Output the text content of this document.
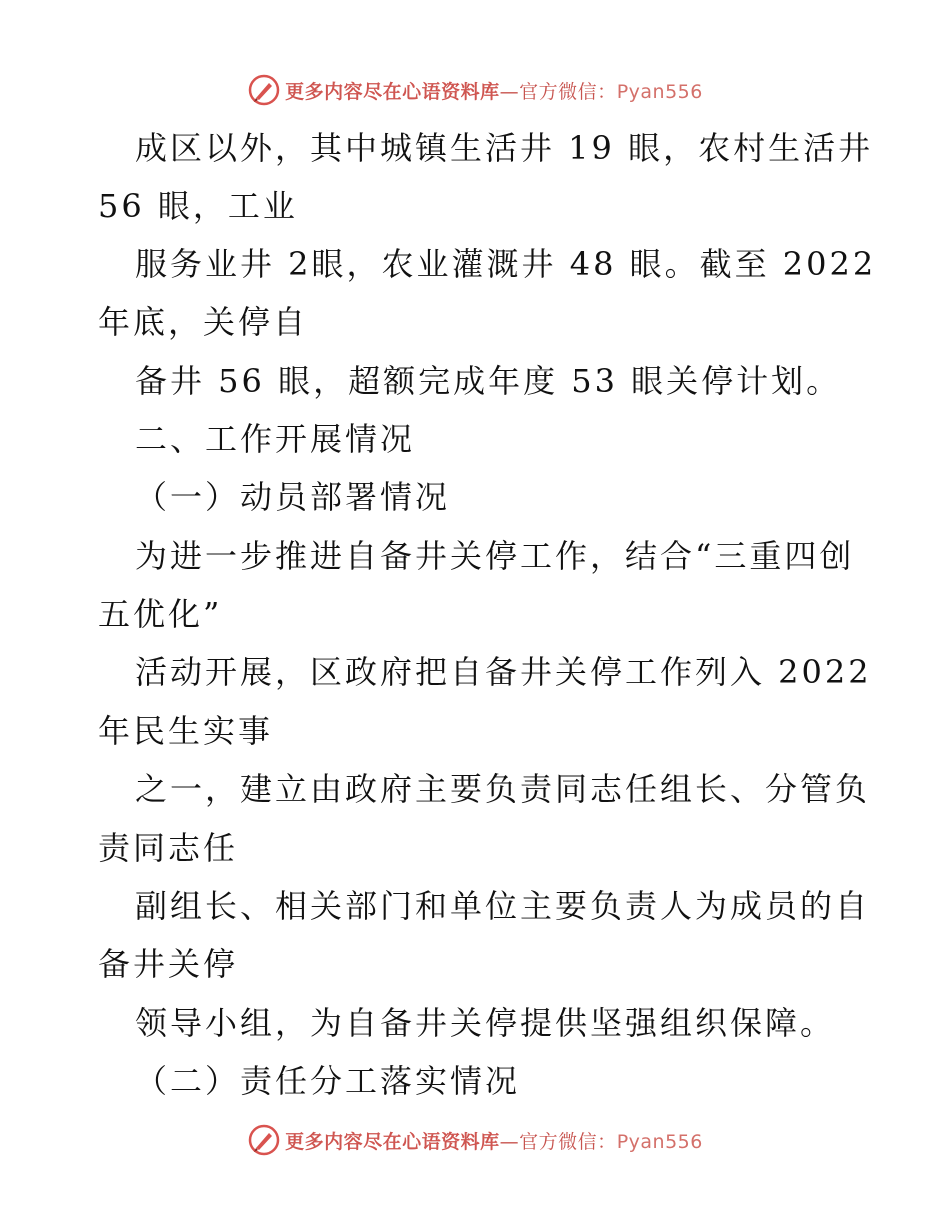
更多内容尽在心语资料库—官方微信：Pyan556
成区以外，其中城镇生活井 19 眼，农村生活井
56 眼，工业
服务业井 2眼，农业灌溉井 48 眼。截至 2022
年底，关停自
备井 56 眼，超额完成年度 53 眼关停计划。
二、工作开展情况
（一）动员部署情况
为进一步推进自备井关停工作，结合“三重四创
五优化”
活动开展，区政府把自备井关停工作列入 2022
年民生实事
之一，建立由政府主要负责同志任组长、分管负
责同志任
副组长、相关部门和单位主要负责人为成员的自
备井关停
领导小组，为自备井关停提供坚强组织保障。
（二）责任分工落实情况
更多内容尽在心语资料库—官方微信：Pyan556
